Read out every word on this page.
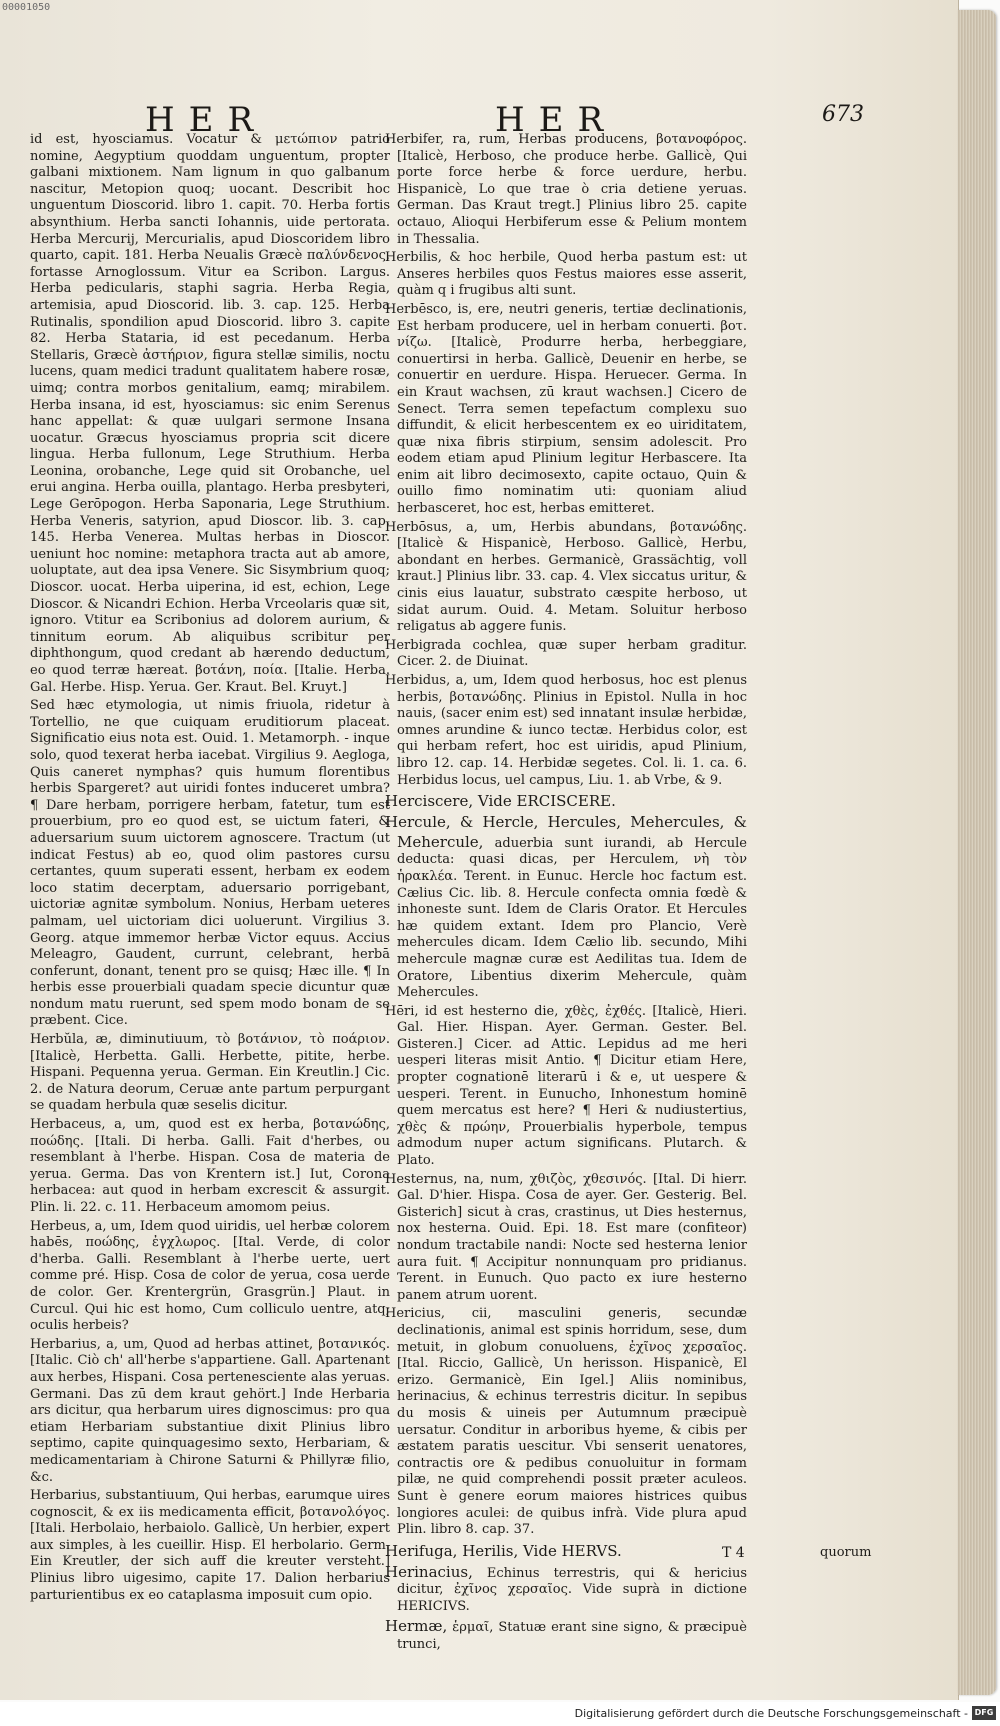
00001050
HER	HER	673

id est, hyosciamus. Vocatur & μετώπιον patrio nomine, Aegyptium quoddam unguentum, propter galbani mixtionem. Nam lignum in quo galbanum nascitur, Metopion quoq; uocant. Describit hoc unguentum Dioscorid. libro 1. capit. 70. Herba fortis absynthium. Herba sancti Iohannis, uide pertorata. Herba Mercurij, Mercurialis, apud Dioscoridem libro quarto, capit. 181. Herba Neualis Græcè παλύνδενος, fortasse Arnoglossum. Vitur ea Scribon. Largus. Herba pedicularis, staphi sagria. Herba Regia, artemisia, apud Dioscorid. lib. 3. cap. 125. Herba Rutinalis, spondilion apud Dioscorid. libro 3. capite 82. Herba Stataria, id est pecedanum. Herba Stellaris, Græcè ἀστήριον, figura stellæ similis, noctu lucens, quam medici tradunt qualitatem habere rosæ, uimq; contra morbos genitalium, eamq; mirabilem. Herba insana, id est, hyosciamus: sic enim Serenus hanc appellat: & quæ uulgari sermone Insana uocatur. Græcus hyosciamus propria scit dicere lingua. Herba fullonum, Lege Struthium. Herba Leonina, orobanche, Lege quid sit Orobanche, uel erui angina. Herba ouilla, plantago. Herba presbyteri, Lege Gerōpogon. Herba Saponaria, Lege Struthium. Herba Veneris, satyrion, apud Dioscor. lib. 3. cap. 145. Herba Venerea. Multas herbas in Dioscor. ueniunt hoc nomine: metaphora tracta aut ab amore, uoluptate, aut dea ipsa Venere. Sic Sisymbrium quoq; Dioscor. uocat. Herba uiperina, id est, echion, Lege Dioscor. & Nicandri Echion. Herba Vrceolaris quæ sit, ignoro. Vtitur ea Scribonius ad dolorem aurium, & tinnitum eorum. Ab aliquibus scribitur per diphthongum, quod credant ab hærendo deductum, eo quod terræ hæreat. βοτάνη, ποία. [Italie. Herba. Gal. Herbe. Hisp. Yerua. Ger. Kraut. Bel. Kruyt.]

Sed hæc etymologia, ut nimis friuola, ridetur à Tortellio, ne que cuiquam eruditiorum placeat. Significatio eius nota est. Ouid. 1. Metamorph. - inque solo, quod texerat herba iacebat. Virgilius 9. Aegloga, Quis caneret nymphas? quis humum florentibus herbis Spargeret? aut uiridi fontes induceret umbra? ¶ Dare herbam, porrigere herbam, fatetur, tum est prouerbium, pro eo quod est, se uictum fateri, & aduersarium suum uictorem agnoscere. Tractum (ut indicat Festus) ab eo, quod olim pastores cursu certantes, quum superati essent, herbam ex eodem loco statim decerptam, aduersario porrigebant, uictoriæ agnitæ symbolum. Nonius, Herbam ueteres palmam, uel uictoriam dici uoluerunt. Virgilius 3. Georg. atque immemor herbæ Victor equus. Accius Meleagro, Gaudent, currunt, celebrant, herbā conferunt, donant, tenent pro se quisq; Hæc ille. ¶ In herbis esse prouerbiali quadam specie dicuntur quæ nondum matu ruerunt, sed spem modo bonam de se præbent. Cice.

Herbŭla, æ, diminutiuum, τὸ βοτάνιον, τὸ ποάριον. [Italicè, Herbetta. Galli. Herbette, pitite, herbe. Hispani. Pequenna yerua. German. Ein Kreutlin.] Cic. 2. de Natura deorum, Ceruæ ante partum perpurgant se quadam herbula quæ seselis dicitur.

Herbaceus, a, um, quod est ex herba, βοτανώδης, ποώδης. [Itali. Di herba. Galli. Fait d'herbes, ou resemblant à l'herbe. Hispan. Cosa de materia de yerua. Germa. Das von Krentern ist.] Iut, Corona herbacea: aut quod in herbam excrescit & assurgit. Plin. li. 22. c. 11. Herbaceum amomom peius.

Herbeus, a, um, Idem quod uiridis, uel herbæ colorem habēs, ποώδης, ἐγχλωρος. [Ital. Verde, di color d'herba. Galli. Resemblant à l'herbe uerte, uert comme pré. Hisp. Cosa de color de yerua, cosa uerde de color. Ger. Krentergrün, Grasgrün.] Plaut. in Curcul. Qui hic est homo, Cum colliculo uentre, atq; oculis herbeis?

Herbarius, a, um, Quod ad herbas attinet, βοτανικός. [Italic. Ciò ch' all'herbe s'appartiene. Gall. Apartenant aux herbes, Hispani. Cosa pertenesciente alas yeruas. Germani. Das zū dem kraut gehört.] Inde Herbaria ars dicitur, qua herbarum uires dignoscimus: pro qua etiam Herbariam substantiue dixit Plinius libro septimo, capite quinquagesimo sexto, Herbariam, & medicamentariam à Chirone Saturni & Phillyræ filio, &c.

Herbarius, substantiuum, Qui herbas, earumque uires cognoscit, & ex iis medicamenta efficit, βοτανολόγος. [Itali. Herbolaio, herbaiolo. Gallicè, Un herbier, expert aux simples, à les cueillir. Hisp. El herbolario. Germ. Ein Kreutler, der sich auff die kreuter versteht.] Plinius libro uigesimo, capite 17. Dalion herbarius parturientibus ex eo cataplasma imposuit cum opio.

Herbifer, ra, rum, Herbas producens, βοτανοφόρος. [Italicè, Herboso, che produce herbe. Gallicè, Qui porte force herbe & force uerdure, herbu. Hispanicè, Lo que trae ò cria detiene yeruas. German. Das Kraut tregt.] Plinius libro 25. capite octauo, Alioqui Herbiferum esse & Pelium montem in Thessalia.

Herbilis, & hoc herbile, Quod herba pastum est: ut Anseres herbiles quos Festus maiores esse asserit, quàm q i frugibus alti sunt.

Herbēsco, is, ere, neutri generis, tertiæ declinationis, Est herbam producere, uel in herbam conuerti. βοτ. νίζω. [Italicè, Produrre herba, herbeggiare, conuertirsi in herba. Gallicè, Deuenir en herbe, se conuertir en uerdure. Hispa. Heruecer. Germa. In ein Kraut wachsen, zū kraut wachsen.] Cicero de Senect. Terra semen tepefactum complexu suo diffundit, & elicit herbescentem ex eo uiriditatem, quæ nixa fibris stirpium, sensim adolescit. Pro eodem etiam apud Plinium legitur Herbascere. Ita enim ait libro decimosexto, capite octauo, Quin & ouillo fimo nominatim uti: quoniam aliud herbasceret, hoc est, herbas emitteret.

Herbōsus, a, um, Herbis abundans, βοτανώδης. [Italicè & Hispanicè, Herboso. Gallicè, Herbu, abondant en herbes. Germanicè, Grassächtig, voll kraut.] Plinius libr. 33. cap. 4. Vlex siccatus uritur, & cinis eius lauatur, substrato cæspite herboso, ut sidat aurum. Ouid. 4. Metam. Soluitur herboso religatus ab aggere funis.

Herbigrada cochlea, quæ super herbam graditur. Cicer. 2. de Diuinat.

Herbidus, a, um, Idem quod herbosus, hoc est plenus herbis, βοτανώδης. Plinius in Epistol. Nulla in hoc nauis, (sacer enim est) sed innatant insulæ herbidæ, omnes arundine & iunco tectæ. Herbidus color, est qui herbam refert, hoc est uiridis, apud Plinium, libro 12. cap. 14. Herbidæ segetes. Col. li. 1. ca. 6. Herbidus locus, uel campus, Liu. 1. ab Vrbe, & 9.

Herciscere, Vide ERCISCERE.

Hercule, & Hercle, Hercules, Mehercules, & Mehercule, aduerbia sunt iurandi, ab Hercule deducta: quasi dicas, per Herculem, νὴ τὸν ἡρακλέα. Terent. in Eunuc. Hercle hoc factum est. Cælius Cic. lib. 8. Hercule confecta omnia fœdè & inhoneste sunt. Idem de Claris Orator. Et Hercules hæ quidem extant. Idem pro Plancio, Verè mehercules dicam. Idem Cælio lib. secundo, Mihi mehercule magnæ curæ est Aedilitas tua. Idem de Oratore, Libentius dixerim Mehercule, quàm Mehercules.

Hēri, id est hesterno die, χθὲς, ἐχθές. [Italicè, Hieri. Gal. Hier. Hispan. Ayer. German. Gester. Bel. Gisteren.] Cicer. ad Attic. Lepidus ad me heri uesperi literas misit Antio. ¶ Dicitur etiam Here, propter cognationē literarū i & e, ut uespere & uesperi. Terent. in Eunucho, Inhonestum hominē quem mercatus est here? ¶ Heri & nudiustertius, χθὲς & πρώην, Prouerbialis hyperbole, tempus admodum nuper actum significans. Plutarch. & Plato.

Hesternus, na, num, χθιζὸς, χθεσινός. [Ital. Di hierr. Gal. D'hier. Hispa. Cosa de ayer. Ger. Gesterig. Bel. Gisterich] sicut à cras, crastinus, ut Dies hesternus, nox hesterna. Ouid. Epi. 18. Est mare (confiteor) nondum tractabile nandi: Nocte sed hesterna lenior aura fuit. ¶ Accipitur nonnunquam pro pridianus. Terent. in Eunuch. Quo pacto ex iure hesterno panem atrum uorent.

Hericius, cii, masculini generis, secundæ declinationis, animal est spinis horridum, sese, dum metuit, in globum conuoluens, ἐχῖνος χερσαῖος. [Ital. Riccio, Gallicè, Un herisson. Hispanicè, El erizo. Germanicè, Ein Igel.] Aliis nominibus, herinacius, & echinus terrestris dicitur. In sepibus du mosis & uineis per Autumnum præcipuè uersatur. Conditur in arboribus hyeme, & cibis per æstatem paratis uescitur. Vbi senserit uenatores, contractis ore & pedibus conuoluitur in formam pilæ, ne quid comprehendi possit præter aculeos. Sunt è genere eorum maiores histrices quibus longiores aculei: de quibus infrà. Vide plura apud Plin. libro 8. cap. 37.

Herifuga, Herilis, Vide HERVS.

Herinacius, Echinus terrestris, qui & hericius dicitur, ἐχῖνος χερσαῖος. Vide suprà in dictione HERICIVS.

Hermæ, ἑρμαῖ, Statuæ erant sine signo, & præcipuè trunci,

T 4	quorum
Digitalisierung gefördert durch die Deutsche Forschungsgemeinschaft - DFG
